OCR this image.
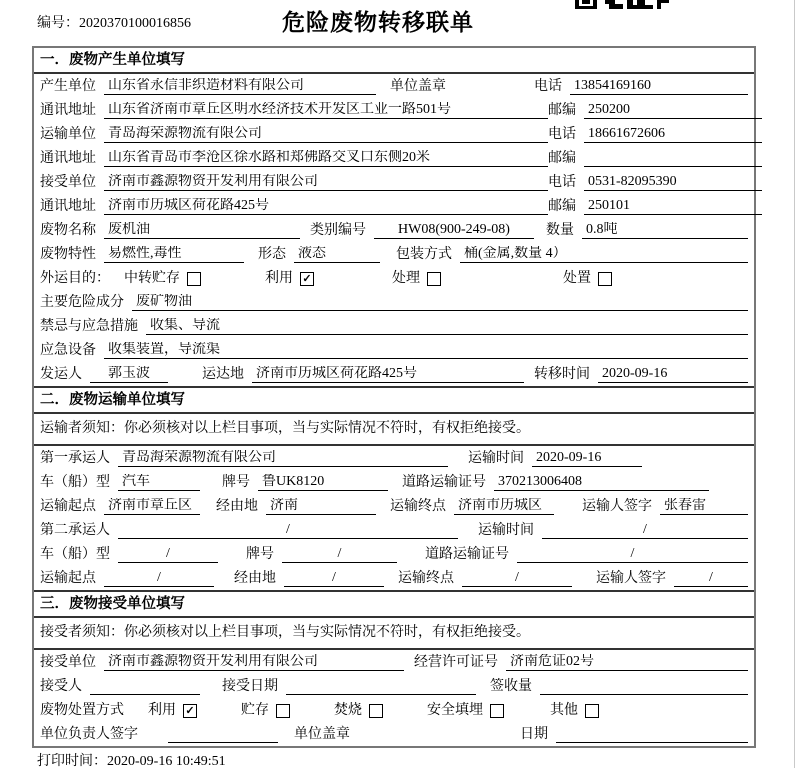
编号：2020370100016856	危险废物转移联单
一．废物产生单位填写
产生单位 山东省永信非织造材料有限公司	单位盖章	电话 13854169160
通讯地址 山东省济南市章丘区明水经济技术开发区工业一路501号	邮编 250200
运输单位 青岛海荣源物流有限公司	电话 18661672606
通讯地址 山东省青岛市李沧区徐水路和郑佛路交叉口东侧20米	邮编
接受单位 济南市鑫源物资开发利用有限公司	电话 0531-82095390
通讯地址 济南市历城区荷花路425号	邮编 250101
废物名称 废机油	类别编号	HW08(900-249-08)	数量 0.8吨
废物特性 易燃性,毒性	形态 液态	包装方式 桶(金属,数量 4）
外运目的： 中转贮存	利用 ✓	处理	处置
主要危险成分 废矿物油
禁忌与应急措施 收集、导流
应急设备 收集装置，导流渠
发运人	郭玉波	运达地 济南市历城区荷花路425号	转移时间 2020-09-16
二．废物运输单位填写
运输者须知：你必须核对以上栏目事项，当与实际情况不符时，有权拒绝接受。
第一承运人 青岛海荣源物流有限公司	运输时间 2020-09-16
车（船）型 汽车	牌号 鲁UK8120	道路运输证号 370213006408
运输起点 济南市章丘区	经由地 济南	运输终点 济南市历城区	运输人签字 张春雷
第二承运人	/	运输时间	/
车（船）型	/	牌号	/	道路运输证号	/
运输起点	/	经由地	/	运输终点	/	运输人签字	/
三．废物接受单位填写
接受者须知：你必须核对以上栏目事项，当与实际情况不符时，有权拒绝接受。
接受单位 济南市鑫源物资开发利用有限公司	经营许可证号 济南危证02号
接受人	接受日期	签收量
废物处置方式 利用 ✓	贮存	焚烧	安全填埋	其他
单位负责人签字	单位盖章	日期
打印时间：2020-09-16 10:49:51
